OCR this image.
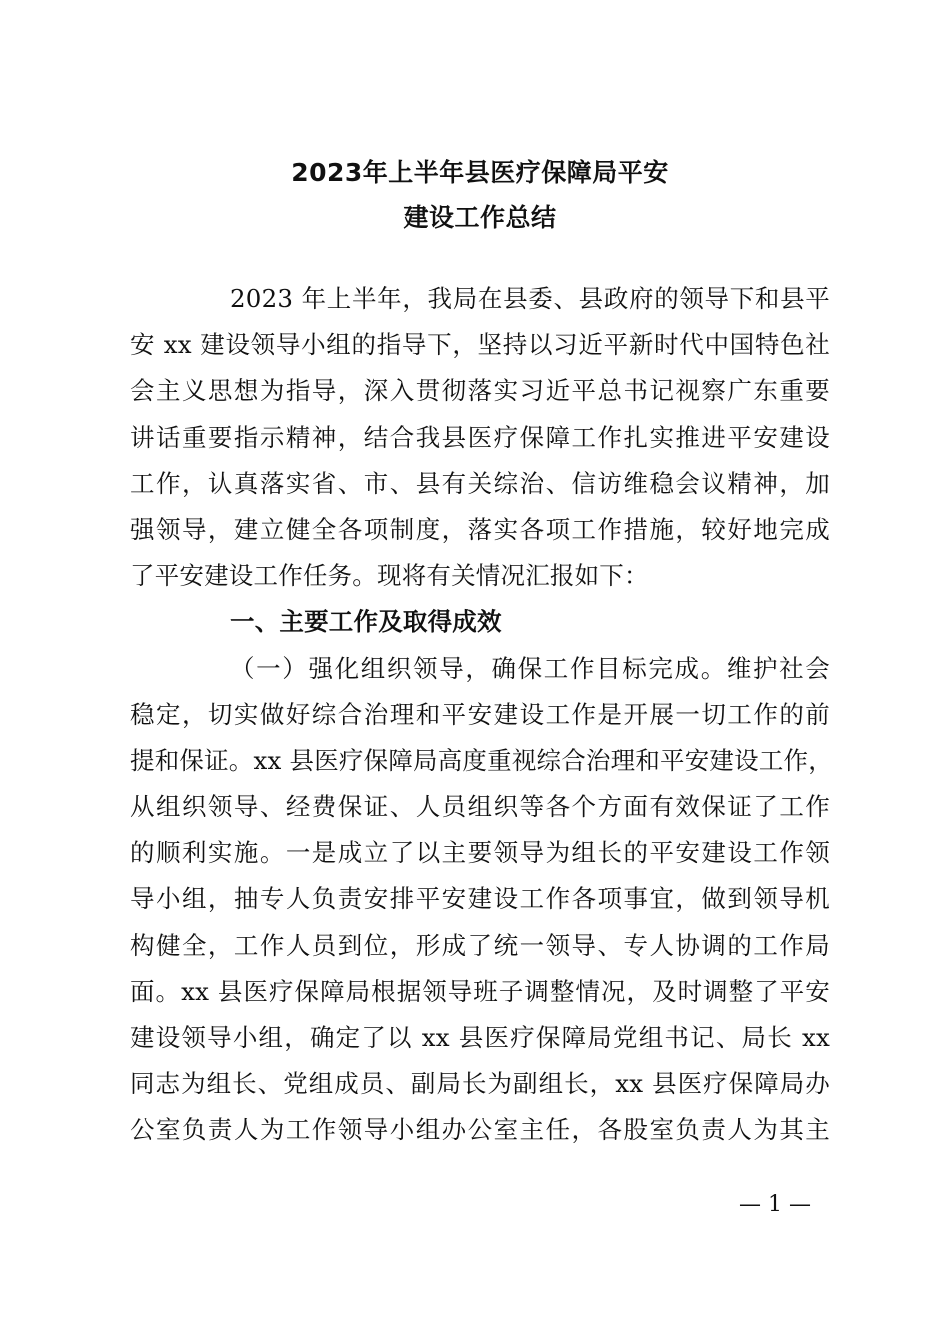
2023年上半年县医疗保障局平安
建设工作总结
2023 年上半年，我局在县委、县政府的领导下和县平
安 xx 建设领导小组的指导下，坚持以习近平新时代中国特色社
会主义思想为指导，深入贯彻落实习近平总书记视察广东重要
讲话重要指示精神，结合我县医疗保障工作扎实推进平安建设
工作，认真落实省、市、县有关综治、信访维稳会议精神，加
强领导，建立健全各项制度，落实各项工作措施，较好地完成
了平安建设工作任务。现将有关情况汇报如下：
一、主要工作及取得成效
（一）强化组织领导，确保工作目标完成。维护社会
稳定，切实做好综合治理和平安建设工作是开展一切工作的前
提和保证。xx 县医疗保障局高度重视综合治理和平安建设工作，
从组织领导、经费保证、人员组织等各个方面有效保证了工作
的顺利实施。一是成立了以主要领导为组长的平安建设工作领
导小组，抽专人负责安排平安建设工作各项事宜，做到领导机
构健全，工作人员到位，形成了统一领导、专人协调的工作局
面。xx 县医疗保障局根据领导班子调整情况，及时调整了平安
建设领导小组，确定了以 xx 县医疗保障局党组书记、局长 xx
同志为组长、党组成员、副局长为副组长，xx 县医疗保障局办
公室负责人为工作领导小组办公室主任，各股室负责人为其主
— 1 —
